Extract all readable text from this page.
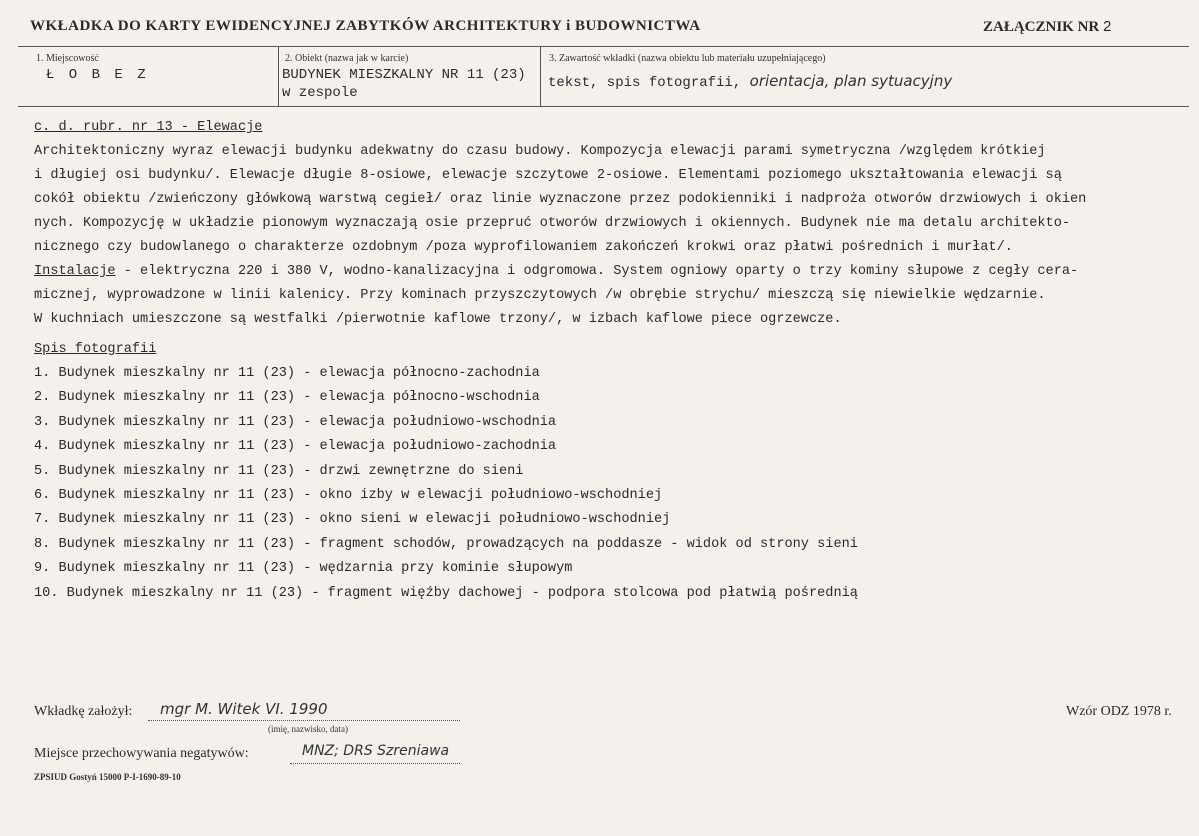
WKŁADKA DO KARTY EWIDENCYJNEJ ZABYTKÓW ARCHITEKTURY i BUDOWNICTWA	ZAŁĄCZNIK NR 2
1. Miejscowość
Ł O B E Z
2. Obiekt (nazwa jak w karcie)
BUDYNEK MIESZKALNY NR 11 (23)
w zespole
3. Zawartość wkładki (nazwa obiektu lub materiału uzupełniającego)
tekst, spis fotografii, orientacja, plan sytuacyjny
c. d. rubr. nr 13 - Elewacje
Architektoniczny wyraz elewacji budynku adekwatny do czasu budowy. Kompozycja elewacji parami symetryczna /względem krótkiej
i długiej osi budynku/. Elewacje długie 8-osiowe, elewacje szczytowe 2-osiowe. Elementami poziomego ukształtowania elewacji są
cokół obiektu /zwieńczony główkową warstwą cegieł/ oraz linie wyznaczone przez podokienniki i nadproża otworów drzwiowych i okien
nych. Kompozycję w układzie pionowym wyznaczają osie przepruć otworów drzwiowych i okiennych. Budynek nie ma detalu architekto-
nicznego czy budowlanego o charakterze ozdobnym /poza wyprofilowaniem zakończeń krokwi oraz płatwi pośrednich i murłat/.
Instalacje - elektryczna 220 i 380 V, wodno-kanalizacyjna i odgromowa. System ogniowy oparty o trzy kominy słupowe z cegły cera-
micznej, wyprowadzone w linii kalenicy. Przy kominach przyszczytowych /w obrębie strychu/ mieszczą się niewielkie wędzarnie.
W kuchniach umieszczone są westfalki /pierwotnie kaflowe trzony/, w izbach kaflowe piece ogrzewcze.
Spis fotografii
1. Budynek mieszkalny nr 11 (23) - elewacja północno-zachodnia
2. Budynek mieszkalny nr 11 (23) - elewacja północno-wschodnia
3. Budynek mieszkalny nr 11 (23) - elewacja południowo-wschodnia
4. Budynek mieszkalny nr 11 (23) - elewacja południowo-zachodnia
5. Budynek mieszkalny nr 11 (23) - drzwi zewnętrzne do sieni
6. Budynek mieszkalny nr 11 (23) - okno izby w elewacji południowo-wschodniej
7. Budynek mieszkalny nr 11 (23) - okno sieni w elewacji południowo-wschodniej
8. Budynek mieszkalny nr 11 (23) - fragment schodów, prowadzących na poddasze - widok od strony sieni
9. Budynek mieszkalny nr 11 (23) - wędzarnia przy kominie słupowym
10. Budynek mieszkalny nr 11 (23) - fragment więźby dachowej - podpora stolcowa pod płatwią pośrednią
Wkładkę założył: mgr M. Witek VI. 1990
(imię, nazwisko, data)
Wzór ODZ 1978 r.
Miejsce przechowywania negatywów:	MNZ; DRS Szreniawa
ZPSIUD Gostyń 15000 P-I-1690-89-10
